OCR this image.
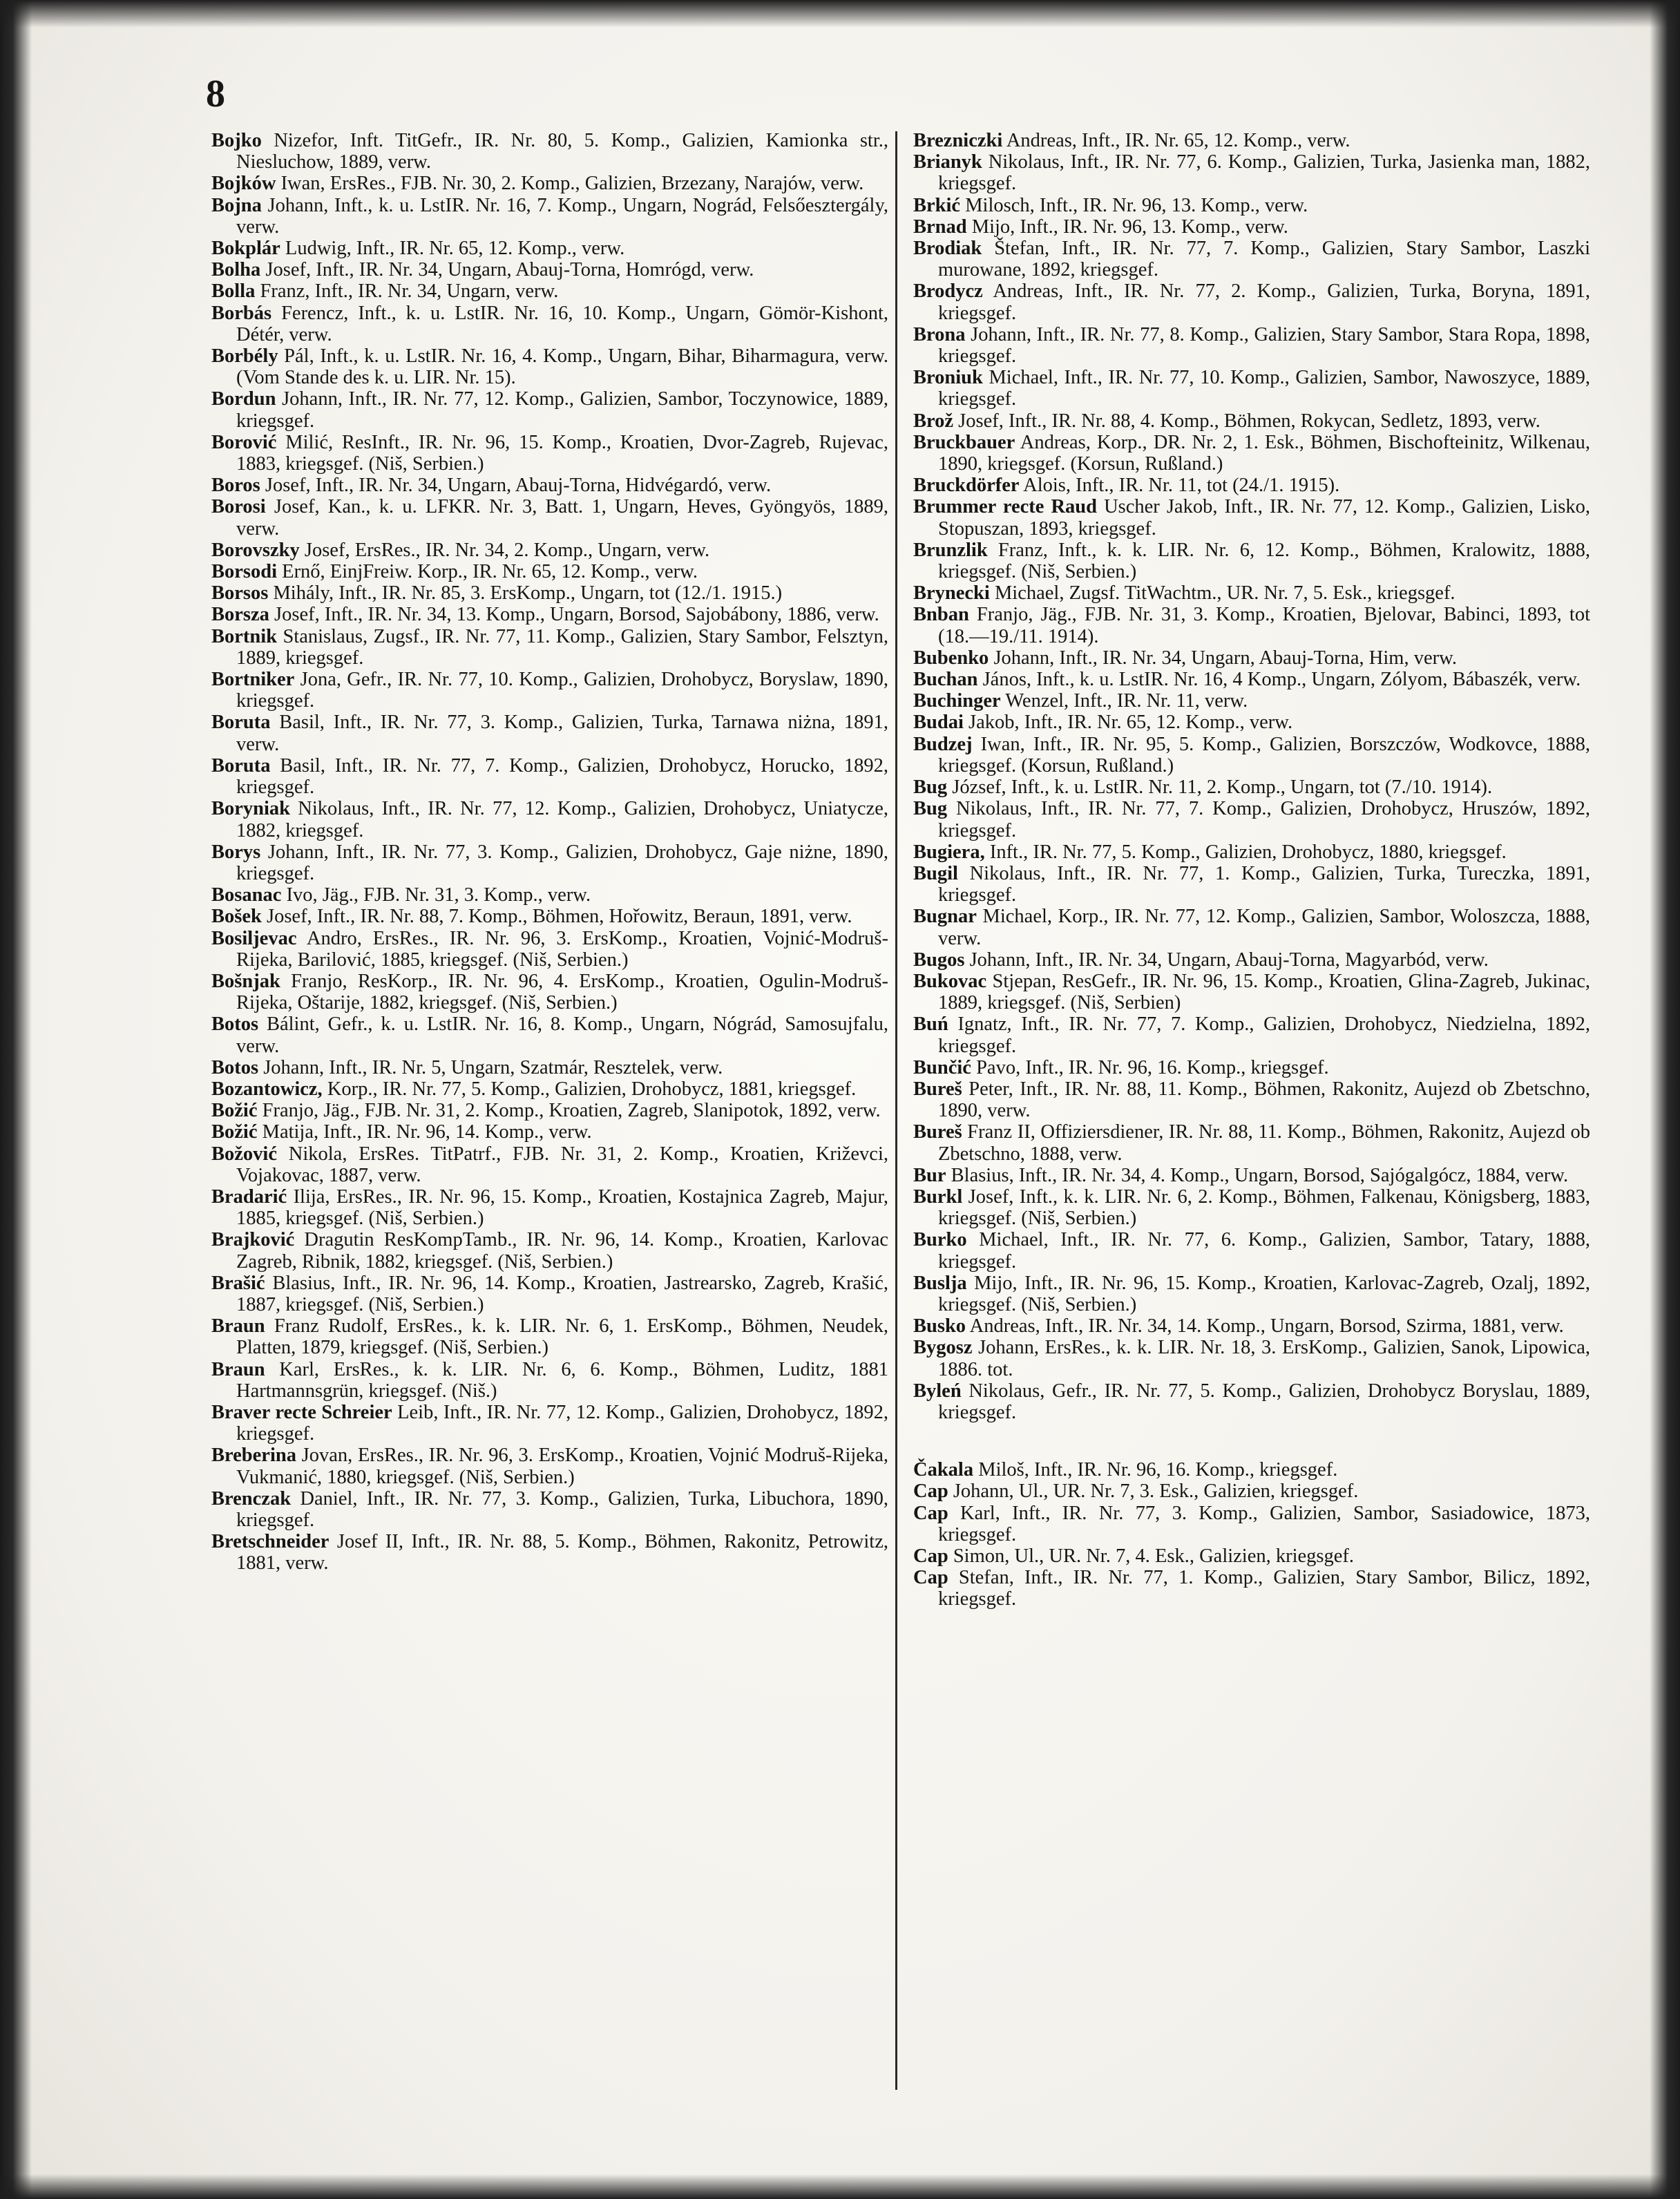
8

Bojko Nizefor, Inft. TitGefr., IR. Nr. 80, 5. Komp., Galizien, Kamionka str., Niesluchow, 1889, verw.

Bojków Iwan, ErsRes., FJB. Nr. 30, 2. Komp., Galizien, Brzezany, Narajów, verw.

Bojna Johann, Inft., k. u. LstIR. Nr. 16, 7. Komp., Ungarn, Nográd, Felsőesztergály, verw.

Bokplár Ludwig, Inft., IR. Nr. 65, 12. Komp., verw.

Bolha Josef, Inft., IR. Nr. 34, Ungarn, Abauj-Torna, Homrógd, verw.

Bolla Franz, Inft., IR. Nr. 34, Ungarn, verw.

Borbás Ferencz, Inft., k. u. LstIR. Nr. 16, 10. Komp., Ungarn, Gömör-Kishont, Détér, verw.

Borbély Pál, Inft., k. u. LstIR. Nr. 16, 4. Komp., Ungarn, Bihar, Biharmagura, verw. (Vom Stande des k. u. LIR. Nr. 15).

Bordun Johann, Inft., IR. Nr. 77, 12. Komp., Galizien, Sambor, Toczynowice, 1889, kriegsgef.

Borović Milić, ResInft., IR. Nr. 96, 15. Komp., Kroatien, Dvor-Zagreb, Rujevac, 1883, kriegsgef. (Niš, Serbien.)

Boros Josef, Inft., IR. Nr. 34, Ungarn, Abauj-Torna, Hidvégardó, verw.

Borosi Josef, Kan., k. u. LFKR. Nr. 3, Batt. 1, Ungarn, Heves, Gyöngyös, 1889, verw.

Borovszky Josef, ErsRes., IR. Nr. 34, 2. Komp., Ungarn, verw.

Borsodi Ernő, EinjFreiw. Korp., IR. Nr. 65, 12. Komp., verw.

Borsos Mihály, Inft., IR. Nr. 85, 3. ErsKomp., Ungarn, tot (12./1. 1915.)

Borsza Josef, Inft., IR. Nr. 34, 13. Komp., Ungarn, Borsod, Sajobábony, 1886, verw.

Bortnik Stanislaus, Zugsf., IR. Nr. 77, 11. Komp., Galizien, Stary Sambor, Felsztyn, 1889, kriegsgef.

Bortniker Jona, Gefr., IR. Nr. 77, 10. Komp., Galizien, Drohobycz, Boryslaw, 1890, kriegsgef.

Boruta Basil, Inft., IR. Nr. 77, 3. Komp., Galizien, Turka, Tarnawa niżna, 1891, verw.

Boruta Basil, Inft., IR. Nr. 77, 7. Komp., Galizien, Drohobycz, Horucko, 1892, kriegsgef.

Boryniak Nikolaus, Inft., IR. Nr. 77, 12. Komp., Galizien, Drohobycz, Uniatycze, 1882, kriegsgef.

Borys Johann, Inft., IR. Nr. 77, 3. Komp., Galizien, Drohobycz, Gaje niżne, 1890, kriegsgef.

Bosanac Ivo, Jäg., FJB. Nr. 31, 3. Komp., verw.

Bošek Josef, Inft., IR. Nr. 88, 7. Komp., Böhmen, Hořowitz, Beraun, 1891, verw.

Bosiljevac Andro, ErsRes., IR. Nr. 96, 3. ErsKomp., Kroatien, Vojnić-Modruš-Rijeka, Barilović, 1885, kriegsgef. (Niš, Serbien.)

Bošnjak Franjo, ResKorp., IR. Nr. 96, 4. ErsKomp., Kroatien, Ogulin-Modruš-Rijeka, Oštarije, 1882, kriegsgef. (Niš, Serbien.)

Botos Bálint, Gefr., k. u. LstIR. Nr. 16, 8. Komp., Ungarn, Nógrád, Samosujfalu, verw.

Botos Johann, Inft., IR. Nr. 5, Ungarn, Szatmár, Resztelek, verw.

Bozantowicz, Korp., IR. Nr. 77, 5. Komp., Galizien, Drohobycz, 1881, kriegsgef.

Božić Franjo, Jäg., FJB. Nr. 31, 2. Komp., Kroatien, Zagreb, Slanipotok, 1892, verw.

Božić Matija, Inft., IR. Nr. 96, 14. Komp., verw.

Božović Nikola, ErsRes. TitPatrf., FJB. Nr. 31, 2. Komp., Kroatien, Križevci, Vojakovac, 1887, verw.

Bradarić Ilija, ErsRes., IR. Nr. 96, 15. Komp., Kroatien, Kostajnica Zagreb, Majur, 1885, kriegsgef. (Niš, Serbien.)

Brajković Dragutin ResKompTamb., IR. Nr. 96, 14. Komp., Kroatien, Karlovac Zagreb, Ribnik, 1882, kriegsgef. (Niš, Serbien.)

Brašić Blasius, Inft., IR. Nr. 96, 14. Komp., Kroatien, Jastrearsko, Zagreb, Krašić, 1887, kriegsgef. (Niš, Serbien.)

Braun Franz Rudolf, ErsRes., k. k. LIR. Nr. 6, 1. ErsKomp., Böhmen, Neudek, Platten, 1879, kriegsgef. (Niš, Serbien.)

Braun Karl, ErsRes., k. k. LIR. Nr. 6, 6. Komp., Böhmen, Luditz, 1881 Hartmannsgrün, kriegsgef. (Niš.)

Braver recte Schreier Leib, Inft., IR. Nr. 77, 12. Komp., Galizien, Drohobycz, 1892, kriegsgef.

Breberina Jovan, ErsRes., IR. Nr. 96, 3. ErsKomp., Kroatien, Vojnić Modruš-Rijeka, Vukmanić, 1880, kriegsgef. (Niš, Serbien.)

Brenczak Daniel, Inft., IR. Nr. 77, 3. Komp., Galizien, Turka, Libuchora, 1890, kriegsgef.

Bretschneider Josef II, Inft., IR. Nr. 88, 5. Komp., Böhmen, Rakonitz, Petrowitz, 1881, verw.

Brezniczki Andreas, Inft., IR. Nr. 65, 12. Komp., verw.

Brianyk Nikolaus, Inft., IR. Nr. 77, 6. Komp., Galizien, Turka, Jasienka man, 1882, kriegsgef.

Brkić Milosch, Inft., IR. Nr. 96, 13. Komp., verw.

Brnad Mijo, Inft., IR. Nr. 96, 13. Komp., verw.

Brodiak Štefan, Inft., IR. Nr. 77, 7. Komp., Galizien, Stary Sambor, Laszki murowane, 1892, kriegsgef.

Brodycz Andreas, Inft., IR. Nr. 77, 2. Komp., Galizien, Turka, Boryna, 1891, kriegsgef.

Brona Johann, Inft., IR. Nr. 77, 8. Komp., Galizien, Stary Sambor, Stara Ropa, 1898, kriegsgef.

Broniuk Michael, Inft., IR. Nr. 77, 10. Komp., Galizien, Sambor, Nawoszyce, 1889, kriegsgef.

Brož Josef, Inft., IR. Nr. 88, 4. Komp., Böhmen, Rokycan, Sedletz, 1893, verw.

Bruckbauer Andreas, Korp., DR. Nr. 2, 1. Esk., Böhmen, Bischofteinitz, Wilkenau, 1890, kriegsgef. (Korsun, Rußland.)

Bruckdörfer Alois, Inft., IR. Nr. 11, tot (24./1. 1915).

Brummer recte Raud Uscher Jakob, Inft., IR. Nr. 77, 12. Komp., Galizien, Lisko, Stopuszan, 1893, kriegsgef.

Brunzlik Franz, Inft., k. k. LIR. Nr. 6, 12. Komp., Böhmen, Kralowitz, 1888, kriegsgef. (Niš, Serbien.)

Brynecki Michael, Zugsf. TitWachtm., UR. Nr. 7, 5. Esk., kriegsgef.

Bnban Franjo, Jäg., FJB. Nr. 31, 3. Komp., Kroatien, Bjelovar, Babinci, 1893, tot (18.—19./11. 1914).

Bubenko Johann, Inft., IR. Nr. 34, Ungarn, Abauj-Torna, Him, verw.

Buchan János, Inft., k. u. LstIR. Nr. 16, 4 Komp., Ungarn, Zólyom, Bábaszék, verw.

Buchinger Wenzel, Inft., IR. Nr. 11, verw.

Budai Jakob, Inft., IR. Nr. 65, 12. Komp., verw.

Budzej Iwan, Inft., IR. Nr. 95, 5. Komp., Galizien, Borszczów, Wodkovce, 1888, kriegsgef. (Korsun, Rußland.)

Bug József, Inft., k. u. LstIR. Nr. 11, 2. Komp., Ungarn, tot (7./10. 1914).

Bug Nikolaus, Inft., IR. Nr. 77, 7. Komp., Galizien, Drohobycz, Hruszów, 1892, kriegsgef.

Bugiera, Inft., IR. Nr. 77, 5. Komp., Galizien, Drohobycz, 1880, kriegsgef.

Bugil Nikolaus, Inft., IR. Nr. 77, 1. Komp., Galizien, Turka, Tureczka, 1891, kriegsgef.

Bugnar Michael, Korp., IR. Nr. 77, 12. Komp., Galizien, Sambor, Woloszcza, 1888, verw.

Bugos Johann, Inft., IR. Nr. 34, Ungarn, Abauj-Torna, Magyarbód, verw.

Bukovac Stjepan, ResGefr., IR. Nr. 96, 15. Komp., Kroatien, Glina-Zagreb, Jukinac, 1889, kriegsgef. (Niš, Serbien)

Buń Ignatz, Inft., IR. Nr. 77, 7. Komp., Galizien, Drohobycz, Niedzielna, 1892, kriegsgef.

Bunčić Pavo, Inft., IR. Nr. 96, 16. Komp., kriegsgef.

Bureš Peter, Inft., IR. Nr. 88, 11. Komp., Böhmen, Rakonitz, Aujezd ob Zbetschno, 1890, verw.

Bureš Franz II, Offiziersdiener, IR. Nr. 88, 11. Komp., Böhmen, Rakonitz, Aujezd ob Zbetschno, 1888, verw.

Bur Blasius, Inft., IR. Nr. 34, 4. Komp., Ungarn, Borsod, Sajógalgócz, 1884, verw.

Burkl Josef, Inft., k. k. LIR. Nr. 6, 2. Komp., Böhmen, Falkenau, Königsberg, 1883, kriegsgef. (Niš, Serbien.)

Burko Michael, Inft., IR. Nr. 77, 6. Komp., Galizien, Sambor, Tatary, 1888, kriegsgef.

Buslja Mijo, Inft., IR. Nr. 96, 15. Komp., Kroatien, Karlovac-Zagreb, Ozalj, 1892, kriegsgef. (Niš, Serbien.)

Busko Andreas, Inft., IR. Nr. 34, 14. Komp., Ungarn, Borsod, Szirma, 1881, verw.

Bygosz Johann, ErsRes., k. k. LIR. Nr. 18, 3. ErsKomp., Galizien, Sanok, Lipowica, 1886. tot.

Byleń Nikolaus, Gefr., IR. Nr. 77, 5. Komp., Galizien, Drohobycz Boryslau, 1889, kriegsgef.

Čakala Miloš, Inft., IR. Nr. 96, 16. Komp., kriegsgef.

Cap Johann, Ul., UR. Nr. 7, 3. Esk., Galizien, kriegsgef.

Cap Karl, Inft., IR. Nr. 77, 3. Komp., Galizien, Sambor, Sasiadowice, 1873, kriegsgef.

Cap Simon, Ul., UR. Nr. 7, 4. Esk., Galizien, kriegsgef.

Cap Stefan, Inft., IR. Nr. 77, 1. Komp., Galizien, Stary Sambor, Bilicz, 1892, kriegsgef.
